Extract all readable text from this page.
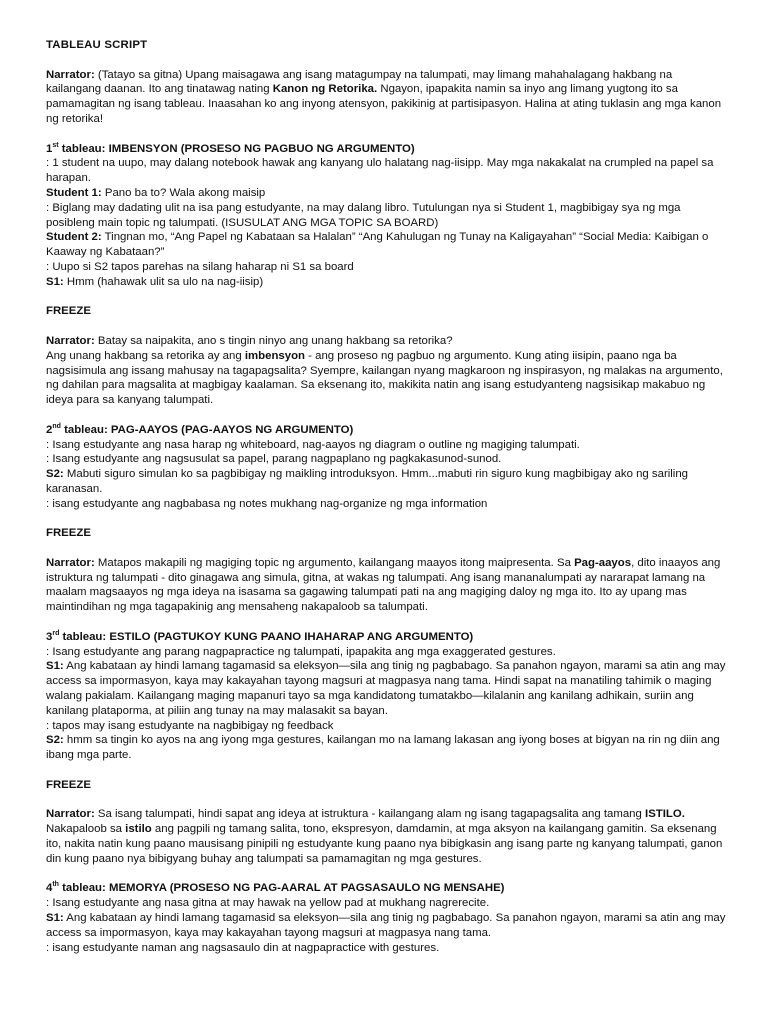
TABLEAU SCRIPT

Narrator: (Tatayo sa gitna) Upang maisagawa ang isang matagumpay na talumpati, may limang mahahalagang hakbang na kailangang daanan. Ito ang tinatawag nating Kanon ng Retorika. Ngayon, ipapakita namin sa inyo ang limang yugtong ito sa pamamagitan ng isang tableau. Inaasahan ko ang inyong atensyon, pakikinig at partisipasyon. Halina at ating tuklasin ang mga kanon ng retorika!

1st tableau: IMBENSYON (PROSESO NG PAGBUO NG ARGUMENTO)

: 1 student na uupo, may dalang notebook hawak ang kanyang ulo halatang nag-iisipp. May mga nakakalat na crumpled na papel sa harapan.

Student 1: Pano ba to? Wala akong maisip

: Biglang may dadating ulit na isa pang estudyante, na may dalang libro. Tutulungan nya si Student 1, magbibigay sya ng mga posibleng main topic ng talumpati. (ISUSULAT ANG MGA TOPIC SA BOARD)

Student 2: Tingnan mo, “Ang Papel ng Kabataan sa Halalan” “Ang Kahulugan ng Tunay na Kaligayahan” “Social Media: Kaibigan o Kaaway ng Kabataan?”

: Uupo si S2 tapos parehas na silang haharap ni S1 sa board

S1: Hmm (hahawak ulit sa ulo na nag-iisip)

FREEZE

Narrator: Batay sa naipakita, ano s tingin ninyo ang unang hakbang sa retorika?

Ang unang hakbang sa retorika ay ang imbensyon - ang proseso ng pagbuo ng argumento. Kung ating iisipin, paano nga ba nagsisimula ang issang mahusay na tagapagsalita? Syempre, kailangan nyang magkaroon ng inspirasyon, ng malakas na argumento, ng dahilan para magsalita at magbigay kaalaman. Sa eksenang ito, makikita natin ang isang estudyanteng nagsisikap makabuo ng ideya para sa kanyang talumpati.

2nd tableau: PAG-AAYOS (PAG-AAYOS NG ARGUMENTO)

: Isang estudyante ang nasa harap ng whiteboard, nag-aayos ng diagram o outline ng magiging talumpati.

: Isang estudyante ang nagsusulat sa papel, parang nagpaplano ng pagkakasunod-sunod.

S2: Mabuti siguro simulan ko sa pagbibigay ng maikling introduksyon. Hmm...mabuti rin siguro kung magbibigay ako ng sariling karanasan.

: isang estudyante ang nagbabasa ng notes mukhang nag-organize ng mga information

FREEZE

Narrator: Matapos makapili ng magiging topic ng argumento, kailangang maayos itong maipresenta. Sa Pag-aayos, dito inaayos ang istruktura ng talumpati - dito ginagawa ang simula, gitna, at wakas ng talumpati. Ang isang mananalumpati ay nararapat lamang na maalam magsaayos ng mga ideya na isasama sa gagawing talumpati pati na ang magiging daloy ng mga ito. Ito ay upang mas maintindihan ng mga tagapakinig ang mensaheng nakapaloob sa talumpati.

3rd tableau: ESTILO (PAGTUKOY KUNG PAANO IHAHARAP ANG ARGUMENTO)

: Isang estudyante ang parang nagpapractice ng talumpati, ipapakita ang mga exaggerated gestures.

S1: Ang kabataan ay hindi lamang tagamasid sa eleksyon—sila ang tinig ng pagbabago. Sa panahon ngayon, marami sa atin ang may access sa impormasyon, kaya may kakayahan tayong magsuri at magpasya nang tama. Hindi sapat na manatiling tahimik o maging walang pakialam. Kailangang maging mapanuri tayo sa mga kandidatong tumatakbo—kilalanin ang kanilang adhikain, suriin ang kanilang plataporma, at piliin ang tunay na may malasakit sa bayan.

: tapos may isang estudyante na nagbibigay ng feedback

S2: hmm sa tingin ko ayos na ang iyong mga gestures, kailangan mo na lamang lakasan ang iyong boses at bigyan na rin ng diin ang ibang mga parte.

FREEZE

Narrator: Sa isang talumpati, hindi sapat ang ideya at istruktura - kailangang alam ng isang tagapagsalita ang tamang ISTILO. Nakapaloob sa istilo ang pagpili ng tamang salita, tono, ekspresyon, damdamin, at mga aksyon na kailangang gamitin. Sa eksenang ito, nakita natin kung paano mausisang pinipili ng estudyante kung paano nya bibigkasin ang isang parte ng kanyang talumpati, ganon din kung paano nya bibigyang buhay ang talumpati sa pamamagitan ng mga gestures.

4th tableau: MEMORYA (PROSESO NG PAG-AARAL AT PAGSASAULO NG MENSAHE)

: Isang estudyante ang nasa gitna at may hawak na yellow pad at mukhang nagrerecite.

S1: Ang kabataan ay hindi lamang tagamasid sa eleksyon—sila ang tinig ng pagbabago. Sa panahon ngayon, marami sa atin ang may access sa impormasyon, kaya may kakayahan tayong magsuri at magpasya nang tama.

: isang estudyante naman ang nagsasaulo din at nagpapractice with gestures.
